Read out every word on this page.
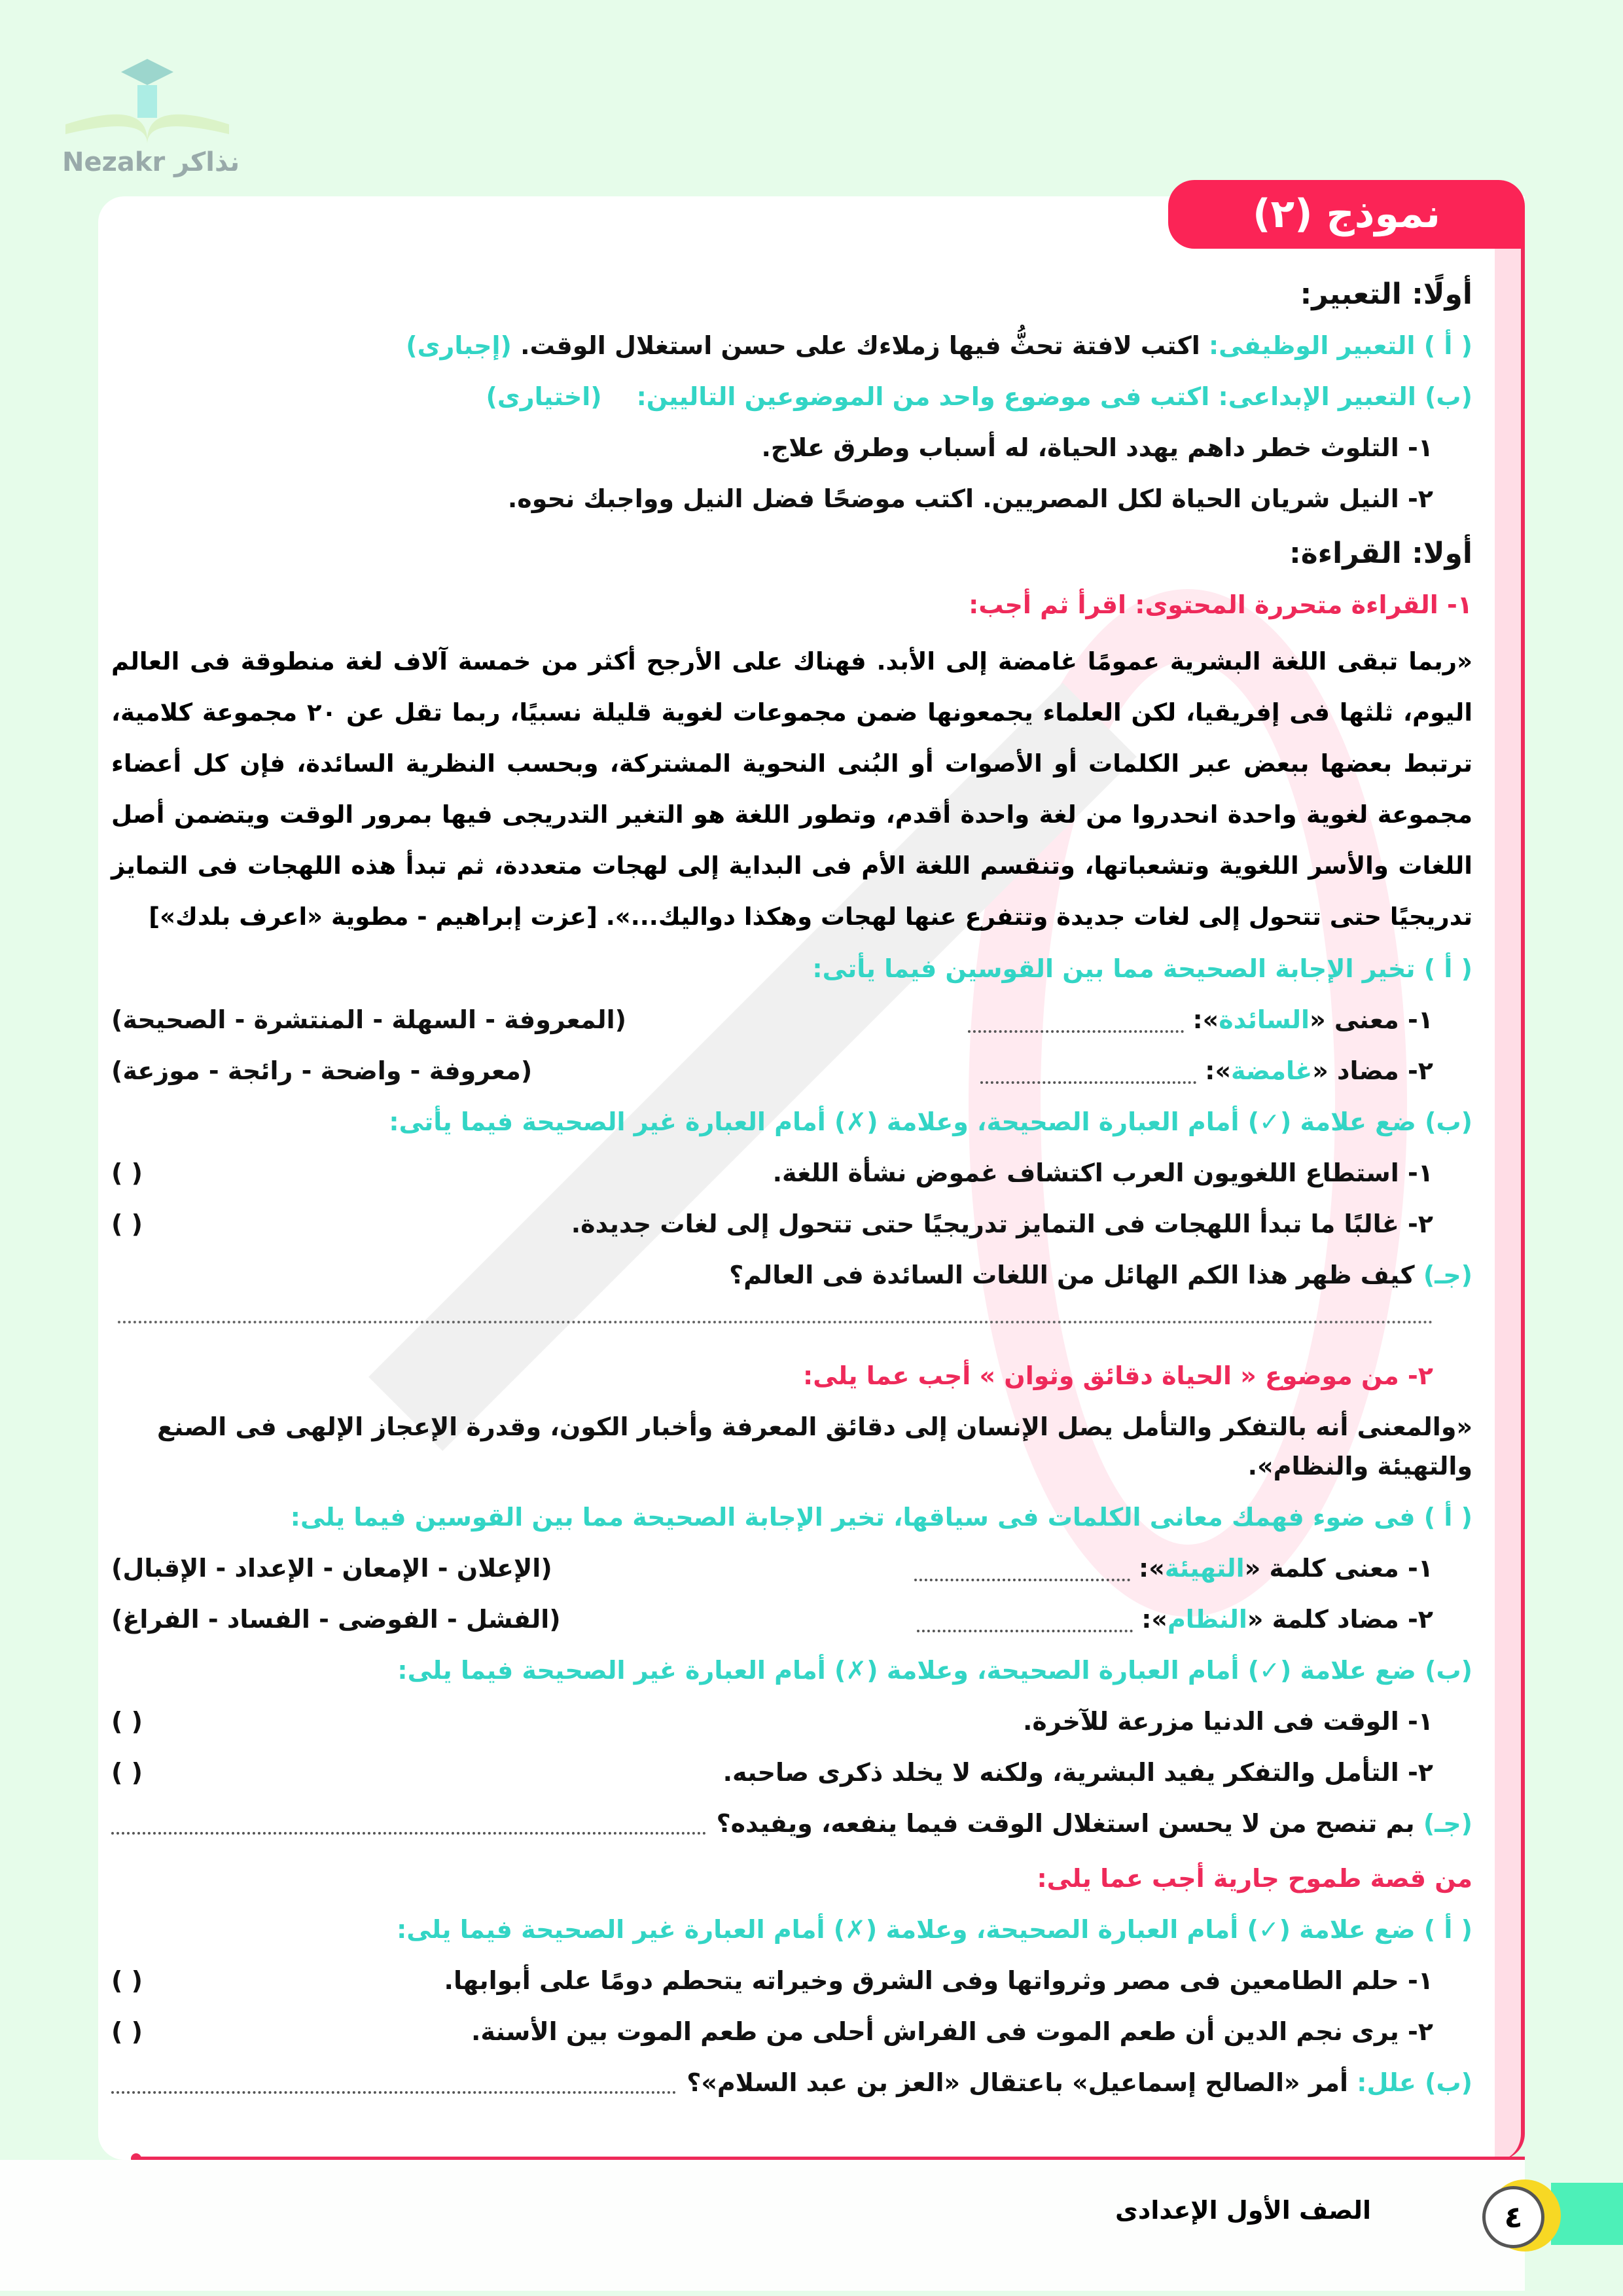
Nezakr نذاكر
نموذج (٢)
أولًا: التعبير:
( أ ) التعبير الوظيفى: اكتب لافتة تحثُّ فيها زملاءك على حسن استغلال الوقت. (إجبارى)
(ب) التعبير الإبداعى: اكتب فى موضوع واحد من الموضوعين التاليين:    (اختيارى)
١- التلوث خطر داهم يهدد الحياة، له أسباب وطرق علاج.
٢- النيل شريان الحياة لكل المصريين. اكتب موضحًا فضل النيل وواجبك نحوه.
أولا: القراءة:
١- القراءة متحررة المحتوى: اقرأ ثم أجب:
«ربما تبقى اللغة البشرية عمومًا غامضة إلى الأبد. فهناك على الأرجح أكثر من خمسة آلاف لغة منطوقة فى العالم اليوم، ثلثها فى إفريقيا، لكن العلماء يجمعونها ضمن مجموعات لغوية قليلة نسبيًا، ربما تقل عن ٢٠ مجموعة كلامية، ترتبط بعضها ببعض عبر الكلمات أو الأصوات أو البُنى النحوية المشتركة، وبحسب النظرية السائدة، فإن كل أعضاء مجموعة لغوية واحدة انحدروا من لغة واحدة أقدم، وتطور اللغة هو التغير التدريجى فيها بمرور الوقت ويتضمن أصل اللغات والأسر اللغوية وتشعباتها، وتنقسم اللغة الأم فى البداية إلى لهجات متعددة، ثم تبدأ هذه اللهجات فى التمايز تدريجيًا حتى تتحول إلى لغات جديدة وتتفرع عنها لهجات وهكذا دواليك...». [عزت إبراهيم - مطوية «اعرف بلدك»]
( أ ) تخير الإجابة الصحيحة مما بين القوسين فيما يأتى:
١- معنى «السائدة»:
(المعروفة - السهلة - المنتشرة - الصحيحة)
٢- مضاد «غامضة»:
(معروفة - واضحة - رائجة - موزعة)
(ب) ضع علامة (✓) أمام العبارة الصحيحة، وعلامة (✗) أمام العبارة غير الصحيحة فيما يأتى:
١- استطاع اللغويون العرب اكتشاف غموض نشأة اللغة.
( )
٢- غالبًا ما تبدأ اللهجات فى التمايز تدريجيًا حتى تتحول إلى لغات جديدة.
( )
(جـ) كيف ظهر هذا الكم الهائل من اللغات السائدة فى العالم؟
٢- من موضوع « الحياة دقائق وثوان » أجب عما يلى:
«والمعنى أنه بالتفكر والتأمل يصل الإنسان إلى دقائق المعرفة وأخبار الكون، وقدرة الإعجاز الإلهى فى الصنع والتهيئة والنظام».
( أ ) فى ضوء فهمك معانى الكلمات فى سياقها، تخير الإجابة الصحيحة مما بين القوسين فيما يلى:
١- معنى كلمة «التهيئة»:
(الإعلان - الإمعان - الإعداد - الإقبال)
٢- مضاد كلمة «النظام»:
(الفشل - الفوضى - الفساد - الفراغ)
(ب) ضع علامة (✓) أمام العبارة الصحيحة، وعلامة (✗) أمام العبارة غير الصحيحة فيما يلى:
١- الوقت فى الدنيا مزرعة للآخرة.
( )
٢- التأمل والتفكر يفيد البشرية، ولكنه لا يخلد ذكرى صاحبه.
( )
(جـ) بم تنصح من لا يحسن استغلال الوقت فيما ينفعه، ويفيده؟
من قصة طموح جارية أجب عما يلى:
( أ ) ضع علامة (✓) أمام العبارة الصحيحة، وعلامة (✗) أمام العبارة غير الصحيحة فيما يلى:
١- حلم الطامعين فى مصر وثرواتها وفى الشرق وخيراته يتحطم دومًا على أبوابها.
( )
٢- يرى نجم الدين أن طعم الموت فى الفراش أحلى من طعم الموت بين الأسنة.
( )
(ب) علل: أمر «الصالح إسماعيل» باعتقال «العز بن عبد السلام»؟
٤
الصف الأول الإعدادى
